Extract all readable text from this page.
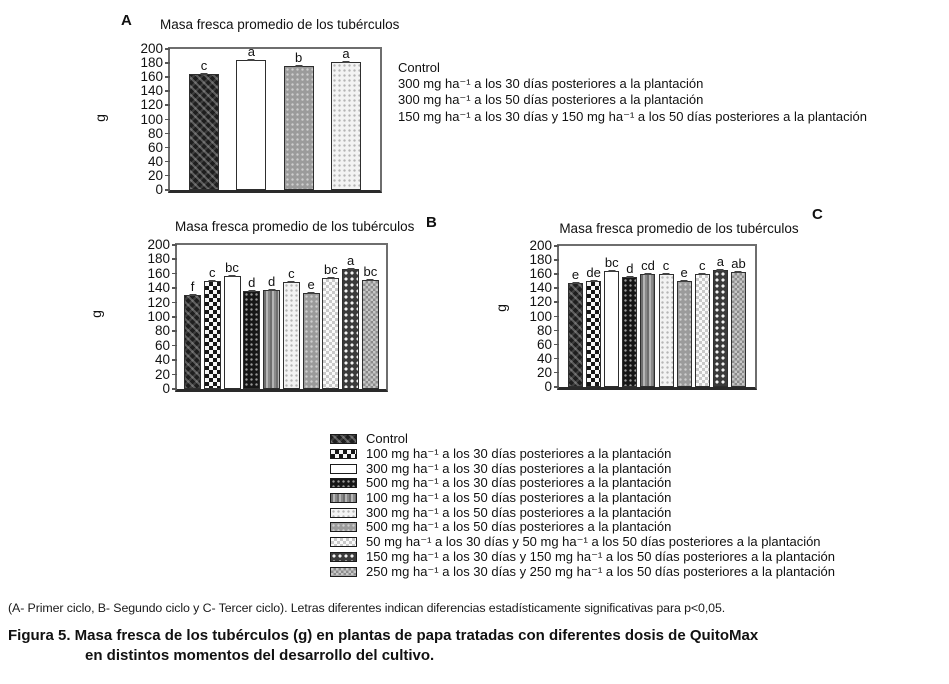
A Masa fresca promedio de los tubérculos
g
0
20
40
60
80
100
120
140
160
180
200
c
a	b	a
Control
300 mg ha⁻¹ a los 30 días posteriores a la plantación
300 mg ha⁻¹ a los 50 días posteriores a la plantación
150 mg ha⁻¹ a los 30 días y 150 mg ha⁻¹ a los 50 días posteriores a la plantación
B
Masa fresca promedio de los tubérculos
g
0
20
40
60
80
100
120
140
160
180
200
f
c bc
d d
c
e
bc
a
bc
C
Masa fresca promedio de los tubérculos
g
0
20
40
60
80
100
120
140
160
180
200
e de
bc d cd c e c a ab
Control
100 mg ha⁻¹ a los 30 días posteriores a la plantación
300 mg ha⁻¹ a los 30 días posteriores a la plantación
500 mg ha⁻¹ a los 30 días posteriores a la plantación
100 mg ha⁻¹ a los 50 días posteriores a la plantación
300 mg ha⁻¹ a los 50 días posteriores a la plantación
500 mg ha⁻¹ a los 50 días posteriores a la plantación
50 mg ha⁻¹ a los 30 días y 50 mg ha⁻¹ a los 50 días posteriores a la plantación
150 mg ha⁻¹ a los 30 días y 150 mg ha⁻¹ a los 50 días posteriores a la plantación
250 mg ha⁻¹ a los 30 días y 250 mg ha⁻¹ a los 50 días posteriores a la plantación
(A- Primer ciclo, B- Segundo ciclo y C- Tercer ciclo). Letras diferentes indican diferencias estadísticamente significativas para p<0,05.
Figura 5. Masa fresca de los tubérculos (g) en plantas de papa tratadas con diferentes dosis de QuitoMax
en distintos momentos del desarrollo del cultivo.
